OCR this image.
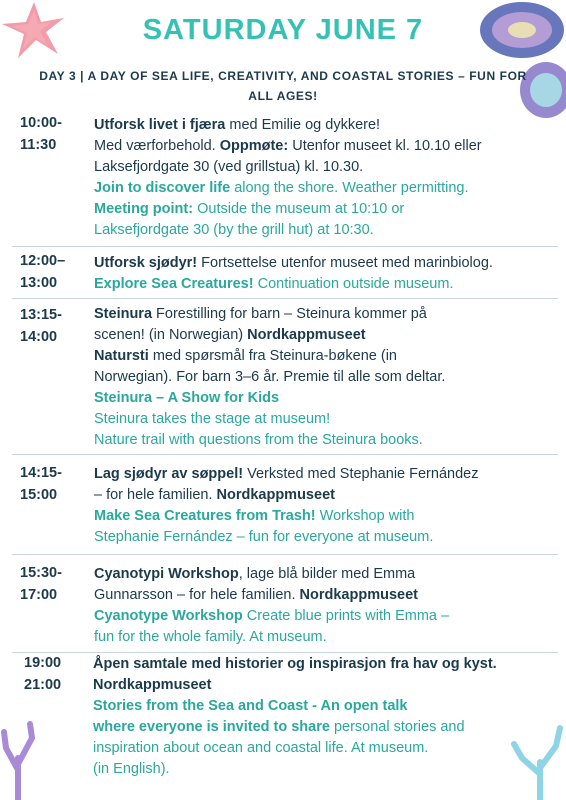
SATURDAY JUNE 7
DAY 3 | A DAY OF SEA LIFE, CREATIVITY, AND COASTAL STORIES – FUN FOR ALL AGES!
10:00-
11:30

Utforsk livet i fjæra med Emilie og dykkere!

Med værforbehold. Oppmøte: Utenfor museet kl. 10.10 eller

Laksefjordgate 30 (ved grillstua) kl. 10.30.

Join to discover life along the shore. Weather permitting.

Meeting point: Outside the museum at 10:10 or

Laksefjordgate 30 (by the grill hut) at 10:30.

12:00–
13:00

Utforsk sjødyr! Fortsettelse utenfor museet med marinbiolog.

Explore Sea Creatures! Continuation outside museum.

13:15-
14:00

Steinura Forestilling for barn – Steinura kommer på

scenen! (in Norwegian) Nordkappmuseet

Natursti med spørsmål fra Steinura-bøkene (in

Norwegian). For barn 3–6 år. Premie til alle som deltar.

Steinura – A Show for Kids

Steinura takes the stage at museum!

Nature trail with questions from the Steinura books.

14:15-
15:00

Lag sjødyr av søppel! Verksted med Stephanie Fernández

– for hele familien. Nordkappmuseet

Make Sea Creatures from Trash! Workshop with

Stephanie Fernández – fun for everyone at museum.

15:30-
17:00

Cyanotypi Workshop, lage blå bilder med Emma

Gunnarsson – for hele familien. Nordkappmuseet

Cyanotype Workshop Create blue prints with Emma –

fun for the whole family. At museum.

19:00
21:00

Åpen samtale med historier og inspirasjon fra hav og kyst.

Nordkappmuseet

Stories from the Sea and Coast - An open talk

where everyone is invited to share personal stories and

inspiration about ocean and coastal life. At museum.

(in English).
